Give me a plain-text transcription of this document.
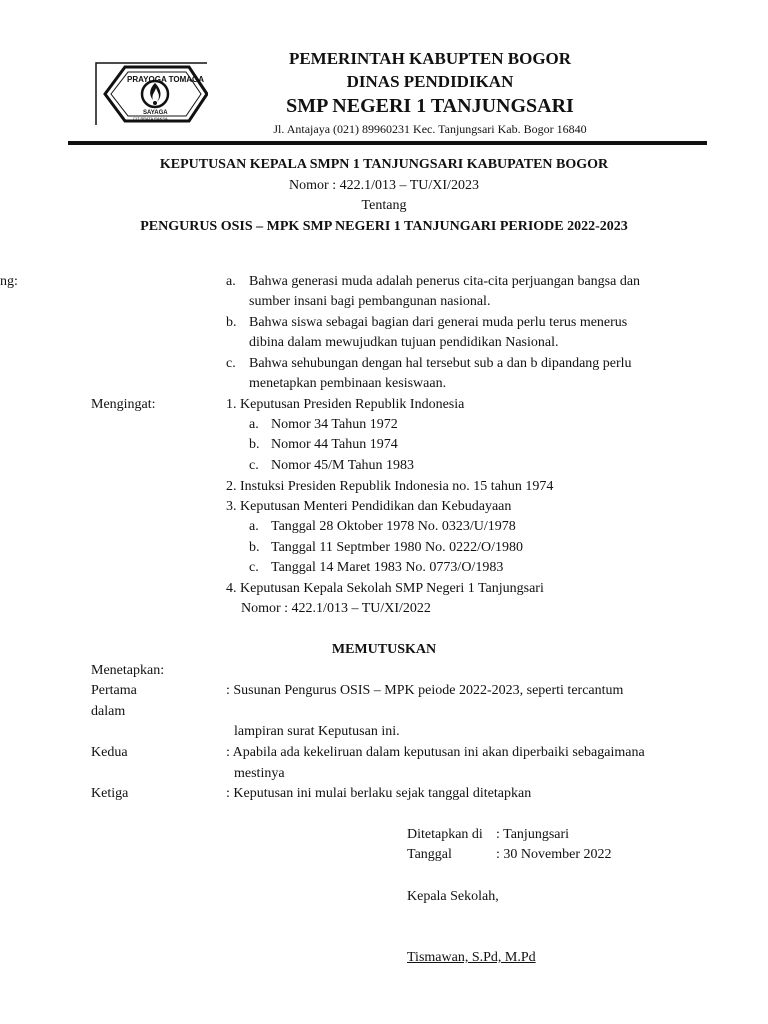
PRAYOGA TOMAGA
SAYAGA
CIT BRATA RAKSA
PEMERINTAH KABUPTEN BOGOR
DINAS PENDIDIKAN
SMP NEGERI 1 TANJUNGSARI
Jl. Antajaya (021) 89960231 Kec. Tanjungsari Kab. Bogor 16840
KEPUTUSAN KEPALA SMPN 1 TANJUNGSARI KABUPATEN BOGOR
Nomor : 422.1/013 – TU/XI/2023
Tentang
PENGURUS OSIS – MPK SMP NEGERI 1 TANJUNGARI PERIODE 2022-2023
ng:	a. Bahwa generasi muda adalah penerus cita-cita perjuangan bangsa dan
sumber insani bagi pembangunan nasional.
b. Bahwa siswa sebagai bagian dari generai muda perlu terus menerus
dibina dalam mewujudkan tujuan pendidikan Nasional.
c. Bahwa sehubungan dengan hal tersebut sub a dan b dipandang perlu
menetapkan pembinaan kesiswaan.
Mengingat:	1. Keputusan Presiden Republik Indonesia
a. Nomor 34 Tahun 1972
b. Nomor 44 Tahun 1974
c. Nomor 45/M Tahun 1983
2. Instuksi Presiden Republik Indonesia no. 15 tahun 1974
3. Keputusan Menteri Pendidikan dan Kebudayaan
a. Tanggal 28 Oktober 1978 No. 0323/U/1978
b. Tanggal 11 Septmber 1980 No. 0222/O/1980
c. Tanggal 14 Maret 1983 No. 0773/O/1983
4. Keputusan Kepala Sekolah SMP Negeri 1 Tanjungsari
Nomor : 422.1/013 – TU/XI/2022
MEMUTUSKAN
Menetapkan:
Pertama	: Susunan Pengurus OSIS – MPK peiode 2022-2023, seperti tercantum
dalam
lampiran surat Keputusan ini.
Kedua	: Apabila ada kekeliruan dalam keputusan ini akan diperbaiki sebagaimana
mestinya
Ketiga	: Keputusan ini mulai berlaku sejak tanggal ditetapkan
Ditetapkan di : Tanjungsari
Tanggal	: 30 November 2022
Kepala Sekolah,
Tismawan, S.Pd, M.Pd
